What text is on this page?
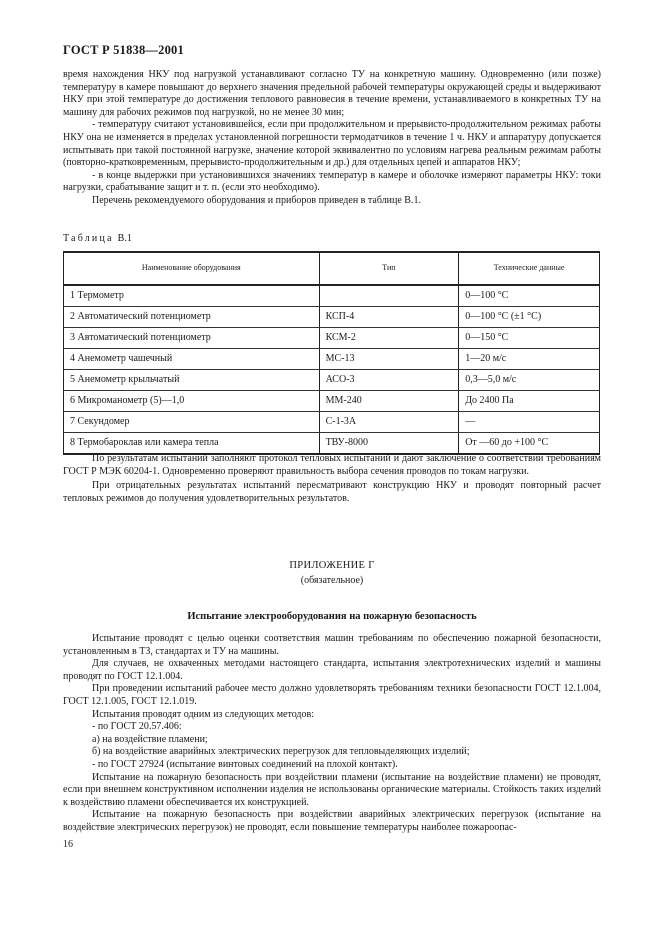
ГОСТ Р 51838—2001

время нахождения НКУ под нагрузкой устанавливают согласно ТУ на конкретную машину. Одновременно (или позже) температуру в камере повышают до верхнего значения предельной рабочей температуры окружающей среды и выдерживают НКУ при этой температуре до достижения теплового равновесия в течение времени, устанавливаемого в конкретных ТУ на машину для рабочих режимов под нагрузкой, но не менее 30 мин;

- температуру считают установившейся, если при продолжительном и прерывисто-продолжительном режимах работы НКУ она не изменяется в пределах установленной погрешности термодатчиков в течение 1 ч. НКУ и аппаратуру допускается испытывать при такой постоянной нагрузке, значение которой эквивалентно по условиям нагрева реальным режимам работы (повторно-кратковременным, прерывисто-продолжительным и др.) для отдельных цепей и аппаратов НКУ;

- в конце выдержки при установившихся значениях температур в камере и оболочке измеряют параметры НКУ: токи нагрузки, срабатывание защит и т. п. (если это необходимо).

Перечень рекомендуемого оборудования и приборов приведен в таблице В.1.

Таблица В.1
Наименование оборудования	Тип	Технические данные
1 Термометр		0—100 °С
2 Автоматический потенциометр	КСП-4	0—100 °С (±1 °С)
3 Автоматический потенциометр	КСМ-2	0—150 °С
4 Анемометр чашечный	МС-13	1—20 м/с
5 Анемометр крыльчатый	АСО-3	0,3—5,0 м/с
6 Микроманометр (5)—1,0	ММ-240	До 2400 Па
7 Секундомер	С-1-3А	—
8 Термобароклав или камера тепла	ТВУ-8000	От —60 до +100 °С

По результатам испытаний заполняют протокол тепловых испытаний и дают заключение о соответствии требованиям ГОСТ Р МЭК 60204-1. Одновременно проверяют правильность выбора сечения проводов по токам нагрузки.

При отрицательных результатах испытаний пересматривают конструкцию НКУ и проводят повторный расчет тепловых режимов до получения удовлетворительных результатов.

ПРИЛОЖЕНИЕ Г
(обязательное)
Испытание электрооборудования на пожарную безопасность

Испытание проводят с целью оценки соответствия машин требованиям по обеспечению пожарной безопасности, установленным в ТЗ, стандартах и ТУ на машины.

Для случаев, не охваченных методами настоящего стандарта, испытания электротехнических изделий и машины проводят по ГОСТ 12.1.004.

При проведении испытаний рабочее место должно удовлетворять требованиям техники безопасности ГОСТ 12.1.004, ГОСТ 12.1.005, ГОСТ 12.1.019.

Испытания проводят одним из следующих методов:

- по ГОСТ 20.57.406:

а) на воздействие пламени;

б) на воздействие аварийных электрических перегрузок для тепловыделяющих изделий;

- по ГОСТ 27924 (испытание винтовых соединений на плохой контакт).

Испытание на пожарную безопасность при воздействии пламени (испытание на воздействие пламени) не проводят, если при внешнем конструктивном исполнении изделия не использованы органические материалы. Стойкость таких изделий к воздействию пламени обеспечивается их конструкцией.

Испытание на пожарную безопасность при воздействии аварийных электрических перегрузок (испытание на воздействие электрических перегрузок) не проводят, если повышение температуры наиболее пожароопас-

16
